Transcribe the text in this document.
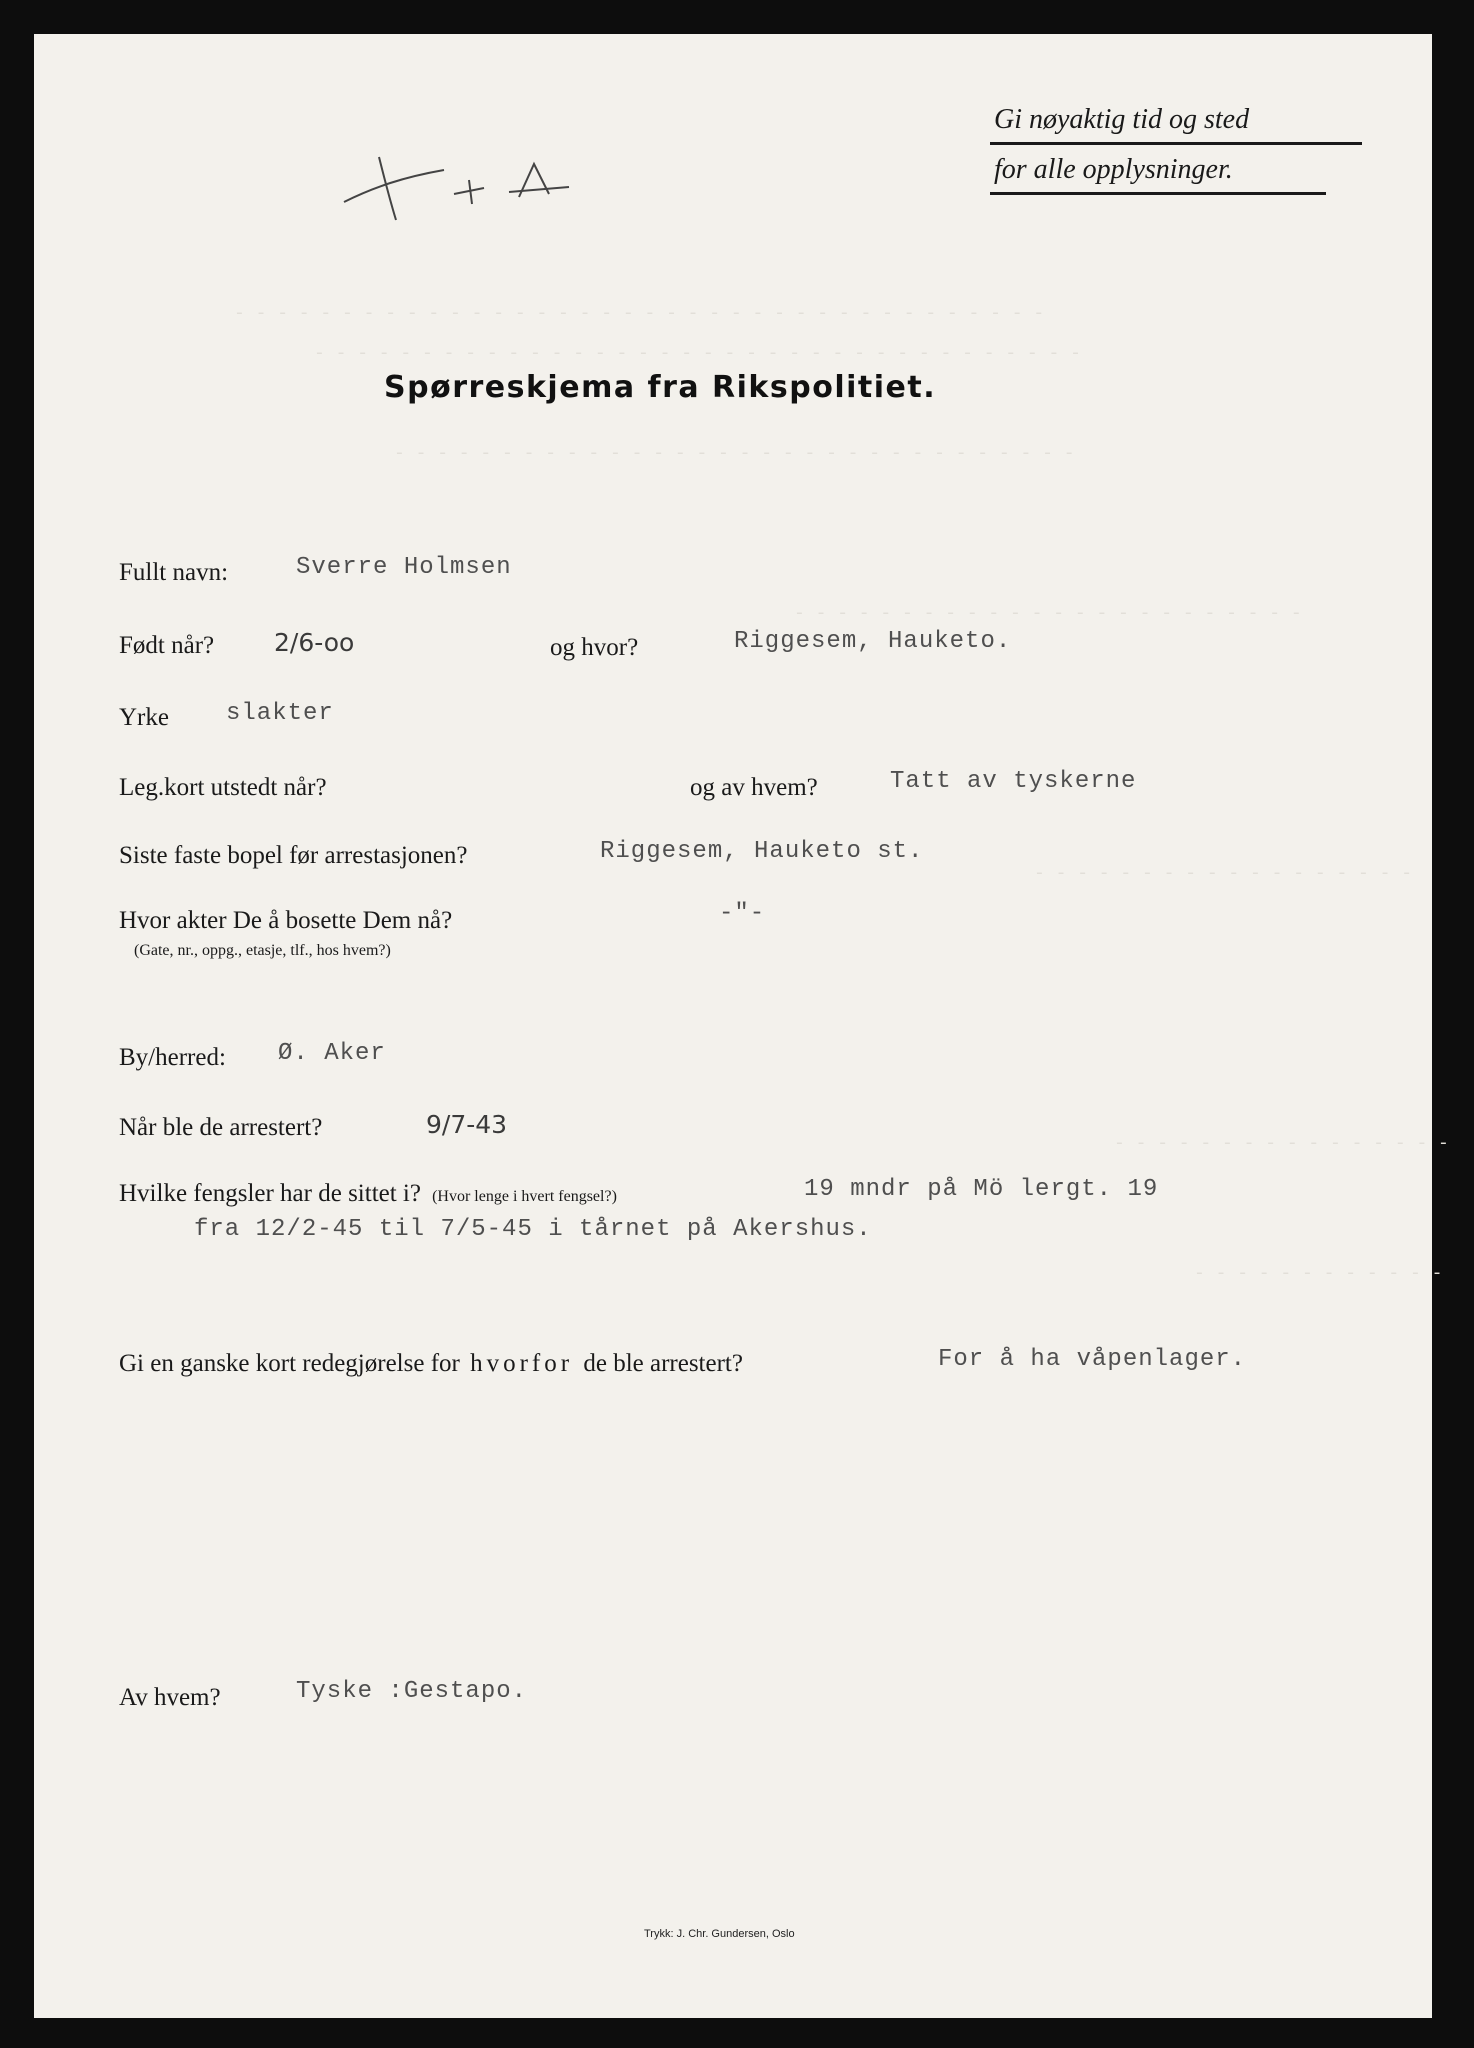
- - - - - - - - - - - - - - - - - - - - - - - - - - - - - - - - - - - - - -
- - - - - - - - - - - - - - - - - - - - - - - - - - - - - - - - - - - -
- - - - - - - - - - - - - - - - - - - - - - - - - - - - - - - -
- - - - - - - - - - - - - - - - - - - - - - - -
- - - - - - - - - - - - - - - - - -
- - - - - - - - - - - - - - - -
- - - - - - - - - - - -
Gi nøyaktig tid og sted
for alle opplysninger.
Spørreskjema fra Rikspolitiet.
Fullt navn:	Sverre Holmsen
Født når? 2/6-oo	og hvor?	Riggesem, Hauketo.
Yrke slakter
Leg.kort utstedt når?	og av hvem?	Tatt av tyskerne
Siste faste bopel før arrestasjonen?	Riggesem, Hauketo st.
Hvor akter De å bosette Dem nå?
(Gate, nr., oppg., etasje, tlf., hos hvem?)
-"-
By/herred: Ø. Aker
Når ble de arrestert?	9/7-43
Hvilke fengsler har de sittet i? (Hvor lenge i hvert fengsel?)	19 mndr på Mö lergt. 19
fra 12/2-45 til 7/5-45 i tårnet på Akershus.
Gi en ganske kort redegjørelse for hvorfor de ble arrestert?	For å ha våpenlager.
Av hvem?	Tyske :Gestapo.
Trykk: J. Chr. Gundersen, Oslo
